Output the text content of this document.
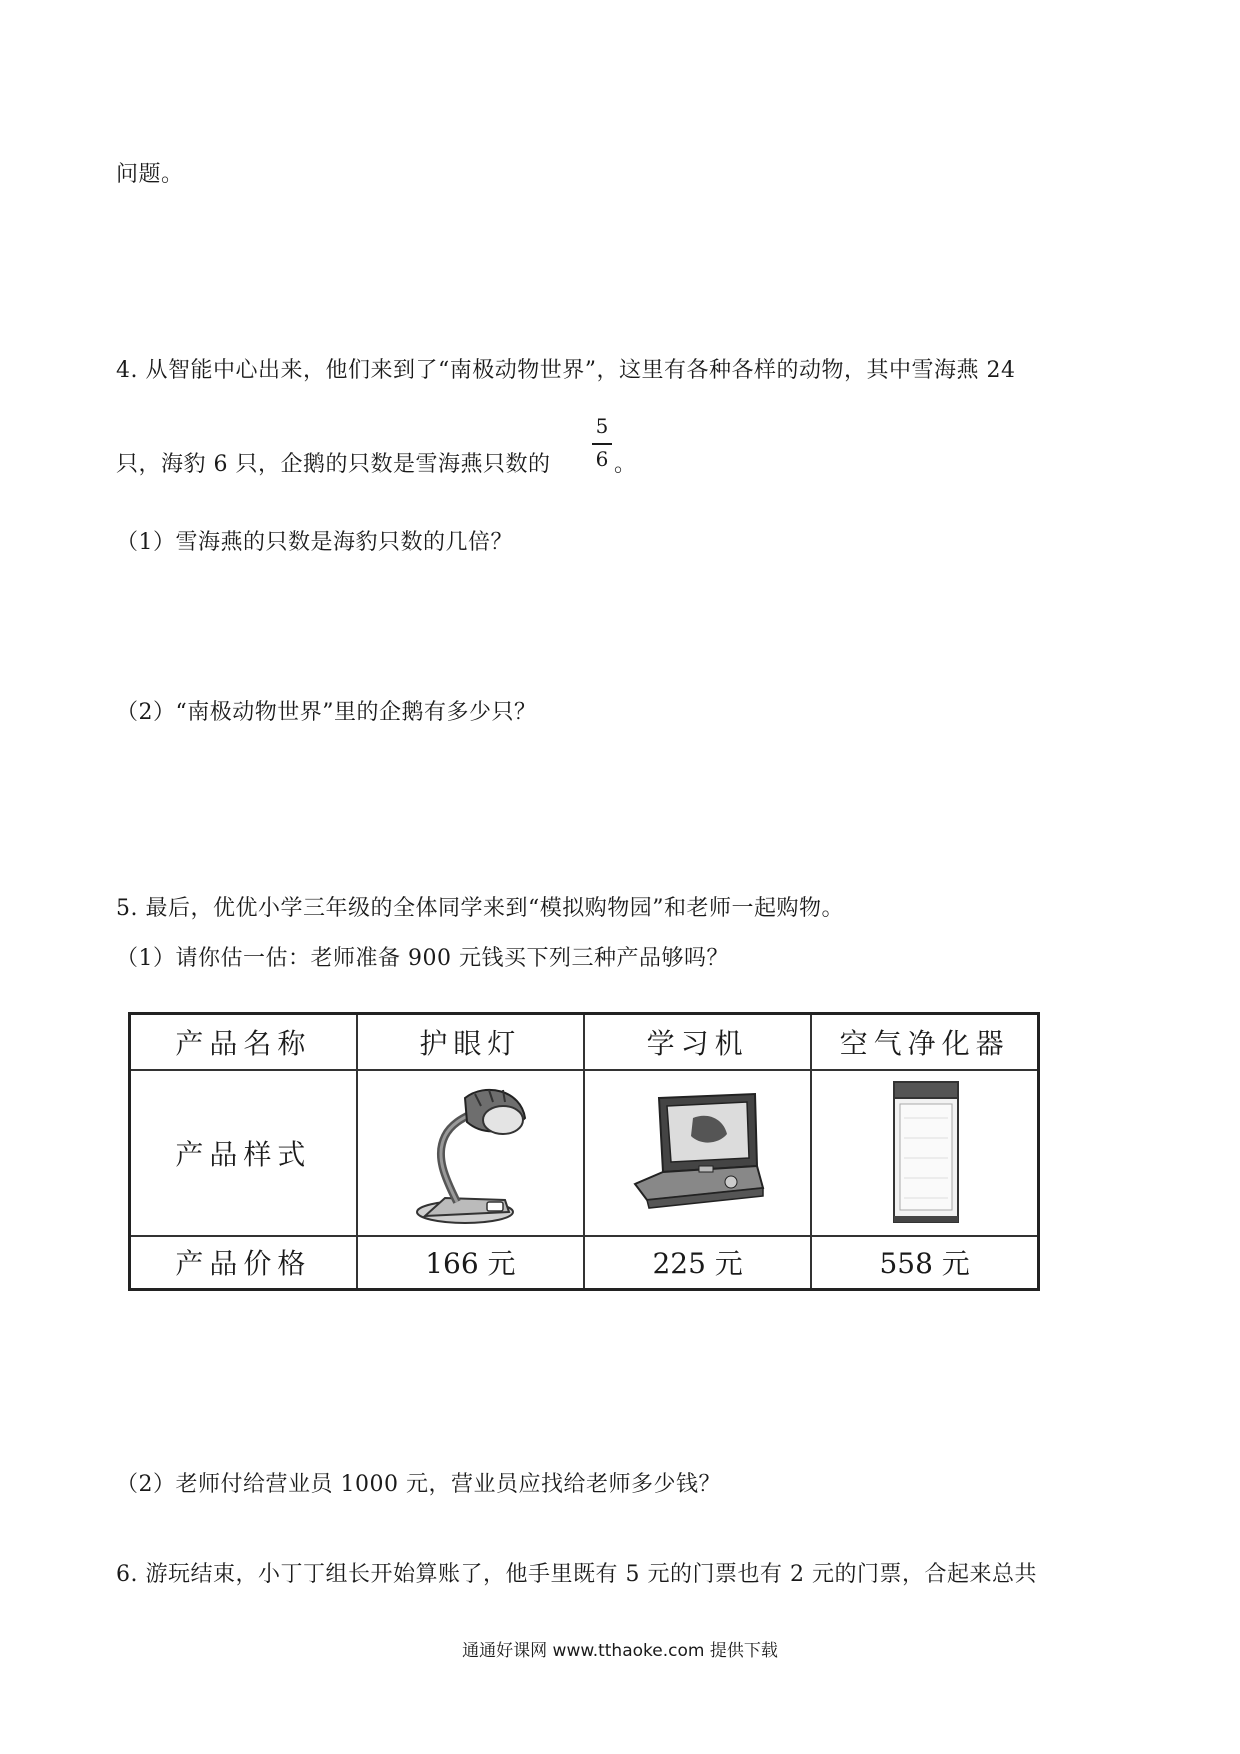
问题。
4. 从智能中心出来，他们来到了“南极动物世界”，这里有各种各样的动物，其中雪海燕 24
只，海豹 6 只，企鹅的只数是雪海燕只数的
5
6 。
（1）雪海燕的只数是海豹只数的几倍？
（2）“南极动物世界”里的企鹅有多少只？
5. 最后，优优小学三年级的全体同学来到“模拟购物园”和老师一起购物。
（1）请你估一估：老师准备 900 元钱买下列三种产品够吗？
产品名称	护眼灯	学习机	空气净化器
产品样式	

产品价格	166 元	225 元	558 元
（2）老师付给营业员 1000 元，营业员应找给老师多少钱？
6. 游玩结束，小丁丁组长开始算账了，他手里既有 5 元的门票也有 2 元的门票，合起来总共
通通好课网 www.tthaoke.com 提供下载
